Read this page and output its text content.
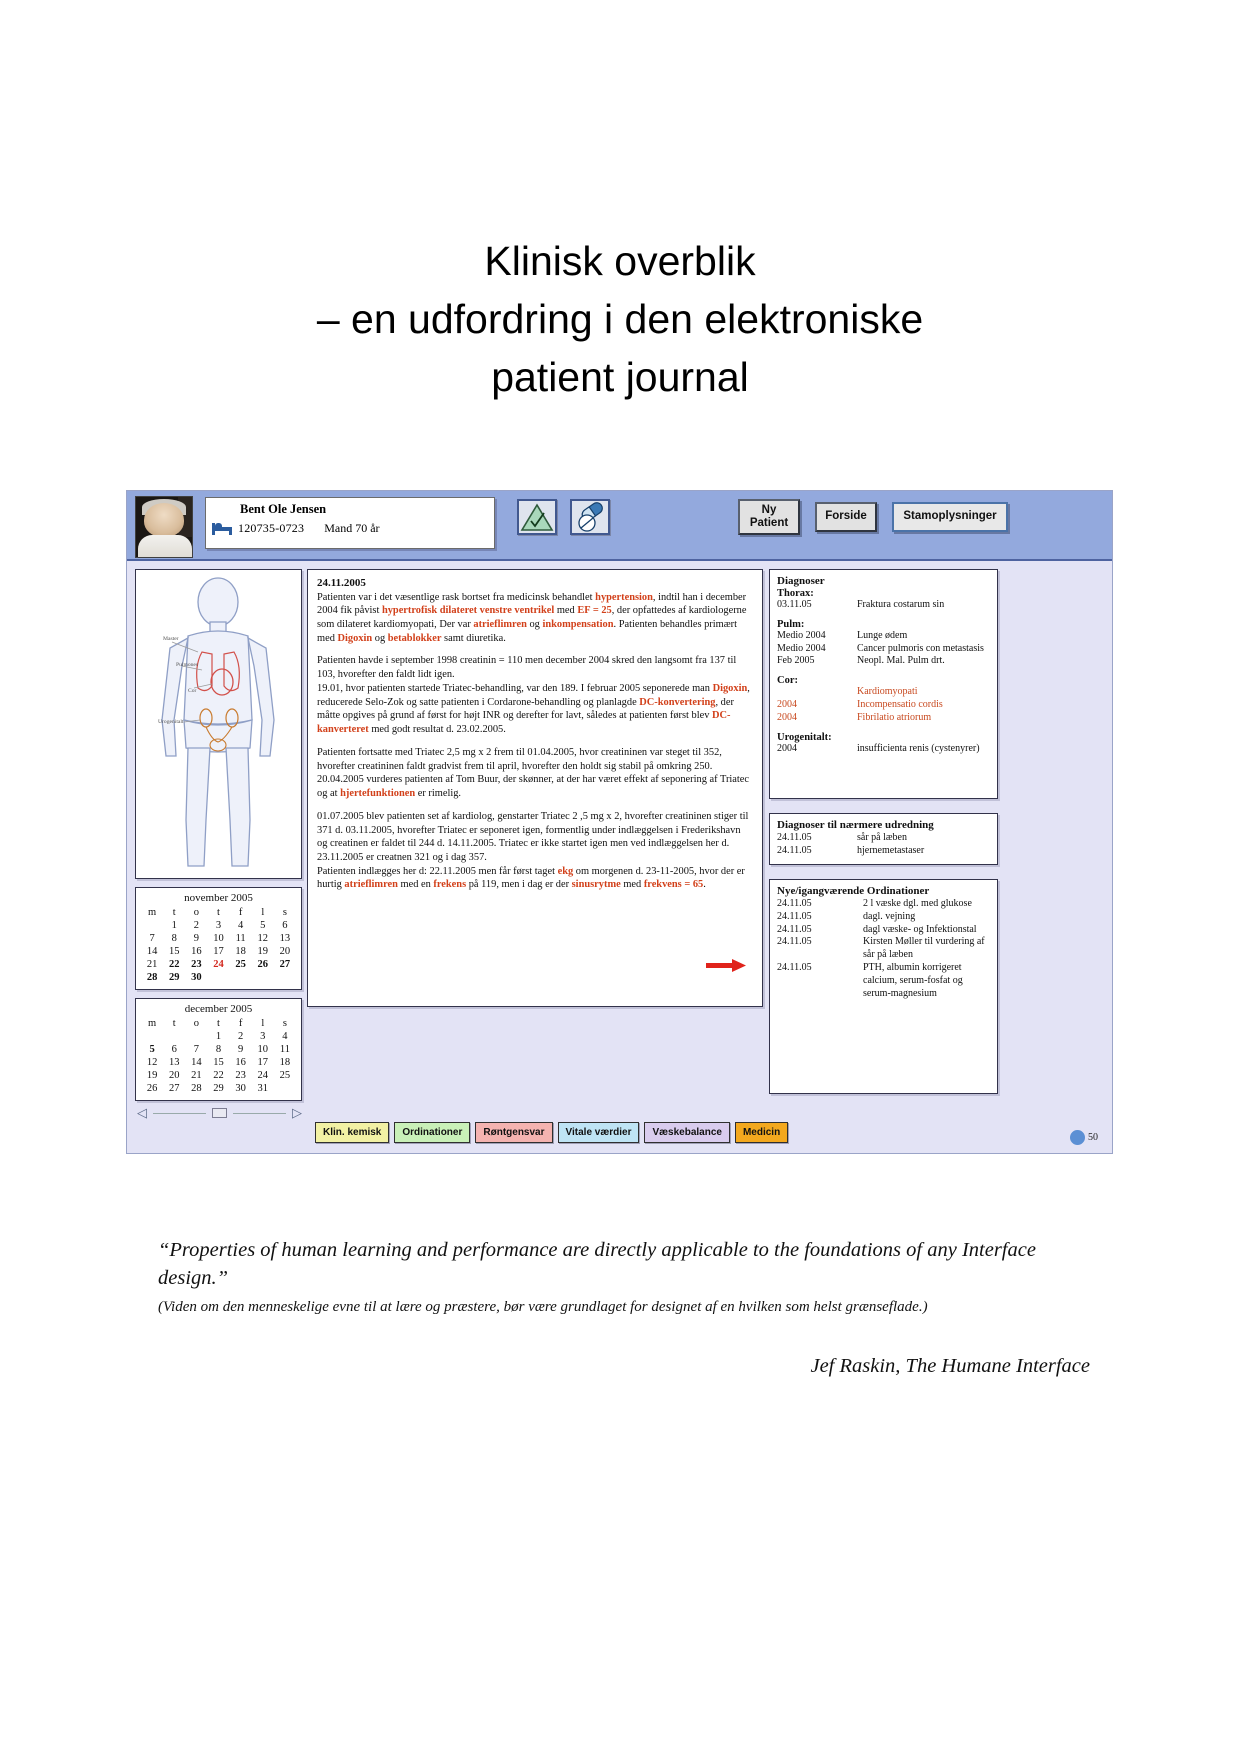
Klinisk overblik
– en udfordring i den elektroniske
patient journal
Bent Ole Jensen
120735-0723 Mand 70 år
Ny Patient
Forside	Stamoplysninger
Master
Pulmones
Cor
Urogenitalt
november 2005
m	t	o	t	f	l	s
	1	2	3	4	5	6
7	8	9	10	11	12	13
14	15	16	17	18	19	20
21	22	23	24	25	26	27
28	29	30				
december 2005
m	t	o	t	f	l	s
			1	2	3	4
5	6	7	8	9	10	11
12	13	14	15	16	17	18
19	20	21	22	23	24	25
26	27	28	29	30	31	
◁	▷
24.11.2005

Patienten var i det væsentlige rask bortset fra medicinsk behandlet hypertension, indtil han i december 2004 fik påvist hypertrofisk dilateret venstre ventrikel med EF = 25, der opfattedes af kardiologerne som dilateret kardiomyopati, Der var atrieflimren og inkompensation. Patienten behandles primært med Digoxin og betablokker samt diuretika.

Patienten havde i september 1998 creatinin = 110 men december 2004 skred den langsomt fra 137 til 103, hvorefter den faldt lidt igen.
19.01, hvor patienten startede Triatec-behandling, var den 189. I februar 2005 seponerede man Digoxin, reducerede Selo-Zok og satte patienten i Cordarone-behandling og planlagde DC-konvertering, der måtte opgives på grund af først for højt INR og derefter for lavt, således at patienten først blev DC-kanverteret med godt resultat d. 23.02.2005.

Patienten fortsatte med Triatec 2,5 mg x 2 frem til 01.04.2005, hvor creatininen var steget til 352, hvorefter creatininen faldt gradvist frem til april, hvorefter den holdt sig stabil på omkring 250.
20.04.2005 vurderes patienten af Tom Buur, der skønner, at der har været effekt af seponering af Triatec og at hjertefunktionen er rimelig.

01.07.2005 blev patienten set af kardiolog, genstarter Triatec 2 ,5 mg x 2, hvorefter creatininen stiger til 371 d. 03.11.2005, hvorefter Triatec er seponeret igen, formentlig under indlæggelsen i Frederikshavn og creatinen er faldet til 244 d. 14.11.2005. Triatec er ikke startet igen men ved indlæggelsen her d. 23.11.2005 er creatnen 321 og i dag 357.
Patienten indlægges her d: 22.11.2005 men får først taget ekg om morgenen d. 23-11-2005, hvor der er hurtig atrieflimren med en frekens på 119, men i dag er der sinusrytme med frekvens = 65.

Diagnoser
Thorax:
03.11.05	Fraktura costarum sin
Pulm:
Medio 2004	Lunge ødem
Medio 2004	Cancer pulmoris con metastasis
Feb 2005	Neopl. Mal. Pulm drt.
Cor:
Kardiomyopati
2004	Incompensatio cordis
2004	Fibrilatio atriorum
Urogenitalt:
2004	insufficienta renis (cystenyrer)
Diagnoser til nærmere udredning
24.11.05	sår på læben
24.11.05	hjernemetastaser
Nye/igangværende Ordinationer
24.11.05	2 l væske dgl. med glukose
24.11.05	dagl. vejning
24.11.05	dagl væske- og Infektionstal
24.11.05	Kirsten Møller til vurdering af sår på læben
24.11.05	PTH, albumin korrigeret calcium, serum-fosfat og serum-magnesium
Klin. kemisk	Ordinationer	Røntgensvar	Vitale værdier	Væskebalance	Medicin	50
“Properties of human learning and performance are directly applicable to the foundations of any Interface design.”
(Viden om den menneskelige evne til at lære og præstere, bør være grundlaget for designet af en hvilken som helst grænseflade.)
Jef Raskin, The Humane Interface
